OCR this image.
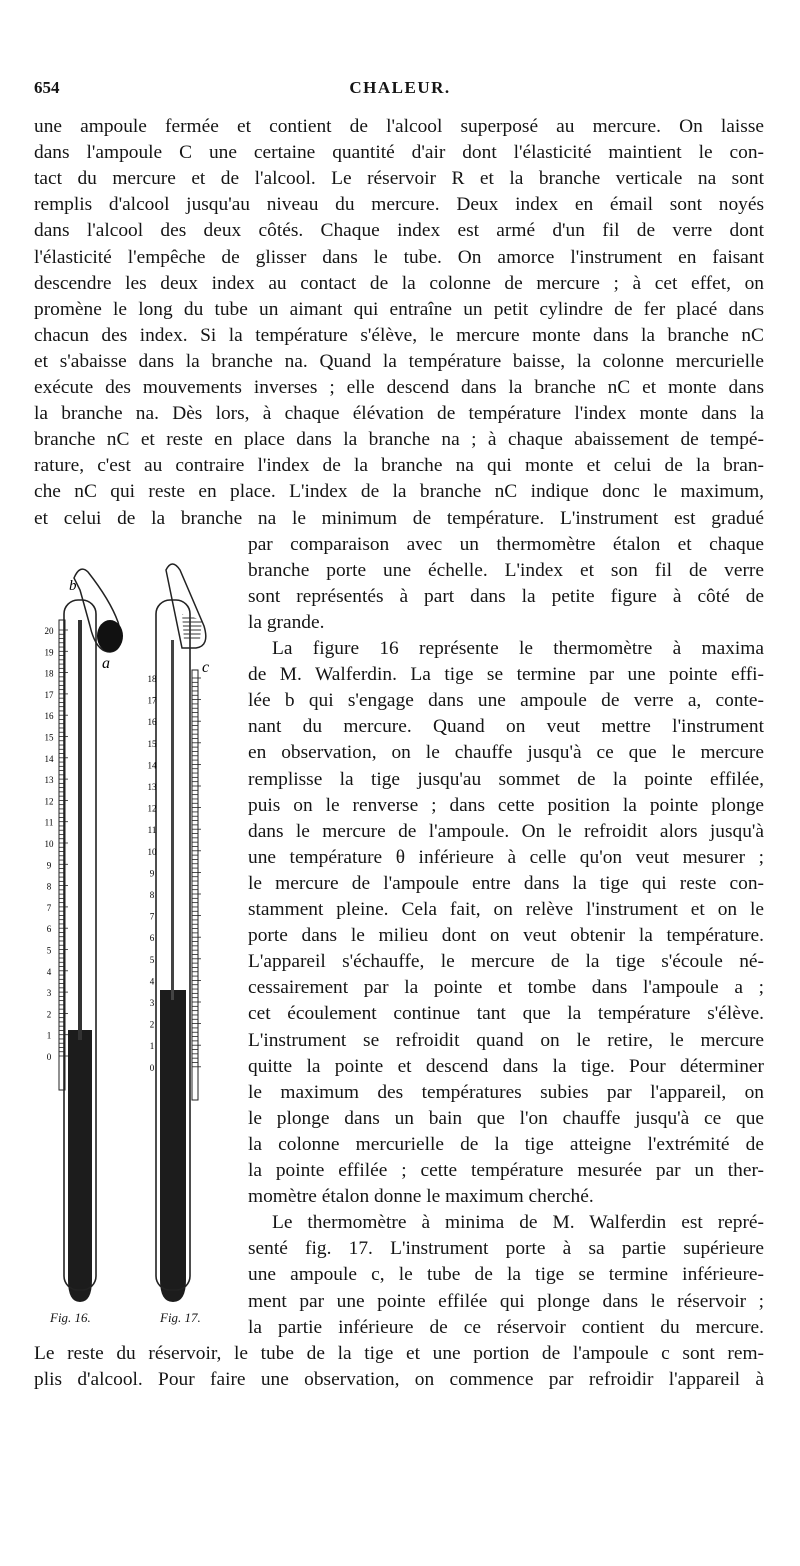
654	CHALEUR.
une ampoule fermée et contient de l'alcool superposé au mercure. On laisse
dans l'ampoule C une certaine quantité d'air dont l'élasticité maintient le con-
tact du mercure et de l'alcool. Le réservoir R et la branche verticale na sont
remplis d'alcool jusqu'au niveau du mercure. Deux index en émail sont noyés
dans l'alcool des deux côtés. Chaque index est armé d'un fil de verre dont
l'élasticité l'empêche de glisser dans le tube. On amorce l'instrument en faisant
descendre les deux index au contact de la colonne de mercure ; à cet effet, on
promène le long du tube un aimant qui entraîne un petit cylindre de fer placé dans
chacun des index. Si la température s'élève, le mercure monte dans la branche nC
et s'abaisse dans la branche na. Quand la température baisse, la colonne mercurielle
exécute des mouvements inverses ; elle descend dans la branche nC et monte dans
la branche na. Dès lors, à chaque élévation de température l'index monte dans la
branche nC et reste en place dans la branche na ; à chaque abaissement de tempé-
rature, c'est au contraire l'index de la branche na qui monte et celui de la bran-
che nC qui reste en place. L'index de la branche nC indique donc le maximum,
et celui de la branche na le minimum de température. L'instrument est gradué
par comparaison avec un thermomètre étalon et chaque
branche porte une échelle. L'index et son fil de verre
sont représentés à part dans la petite figure à côté de
la grande.
La figure 16 représente le thermomètre à maxima
de M. Walferdin. La tige se termine par une pointe effi-
lée b qui s'engage dans une ampoule de verre a, conte-
nant du mercure. Quand on veut mettre l'instrument
en observation, on le chauffe jusqu'à ce que le mercure
remplisse la tige jusqu'au sommet de la pointe effilée,
puis on le renverse ; dans cette position la pointe plonge
dans le mercure de l'ampoule. On le refroidit alors jusqu'à
une température θ inférieure à celle qu'on veut mesurer ;
le mercure de l'ampoule entre dans la tige qui reste con-
stamment pleine. Cela fait, on relève l'instrument et on le
porte dans le milieu dont on veut obtenir la température.
L'appareil s'échauffe, le mercure de la tige s'écoule né-
cessairement par la pointe et tombe dans l'ampoule a ;
cet écoulement continue tant que la température s'élève.
L'instrument se refroidit quand on le retire, le mercure
quitte la pointe et descend dans la tige. Pour déterminer
le maximum des températures subies par l'appareil, on
le plonge dans un bain que l'on chauffe jusqu'à ce que
la colonne mercurielle de la tige atteigne l'extrémité de
la pointe effilée ; cette température mesurée par un ther-
momètre étalon donne le maximum cherché.
Le thermomètre à minima de M. Walferdin est repré-
senté fig. 17. L'instrument porte à sa partie supérieure
une ampoule c, le tube de la tige se termine inférieure-
ment par une pointe effilée qui plonge dans le réservoir ;
la partie inférieure de ce réservoir contient du mercure.
Le reste du réservoir, le tube de la tige et une portion de l'ampoule c sont rem-
plis d'alcool. Pour faire une observation, on commence par refroidir l'appareil à
20
19
18
17
16
15
14
13
12
11
10
9
8
7
6
5
4
3
2
1
0
b
a
18
17
16
15
14
13
12
11
10
9
8
7
6
5
4
3
2
1
0
c
Fig. 16.	Fig. 17.
